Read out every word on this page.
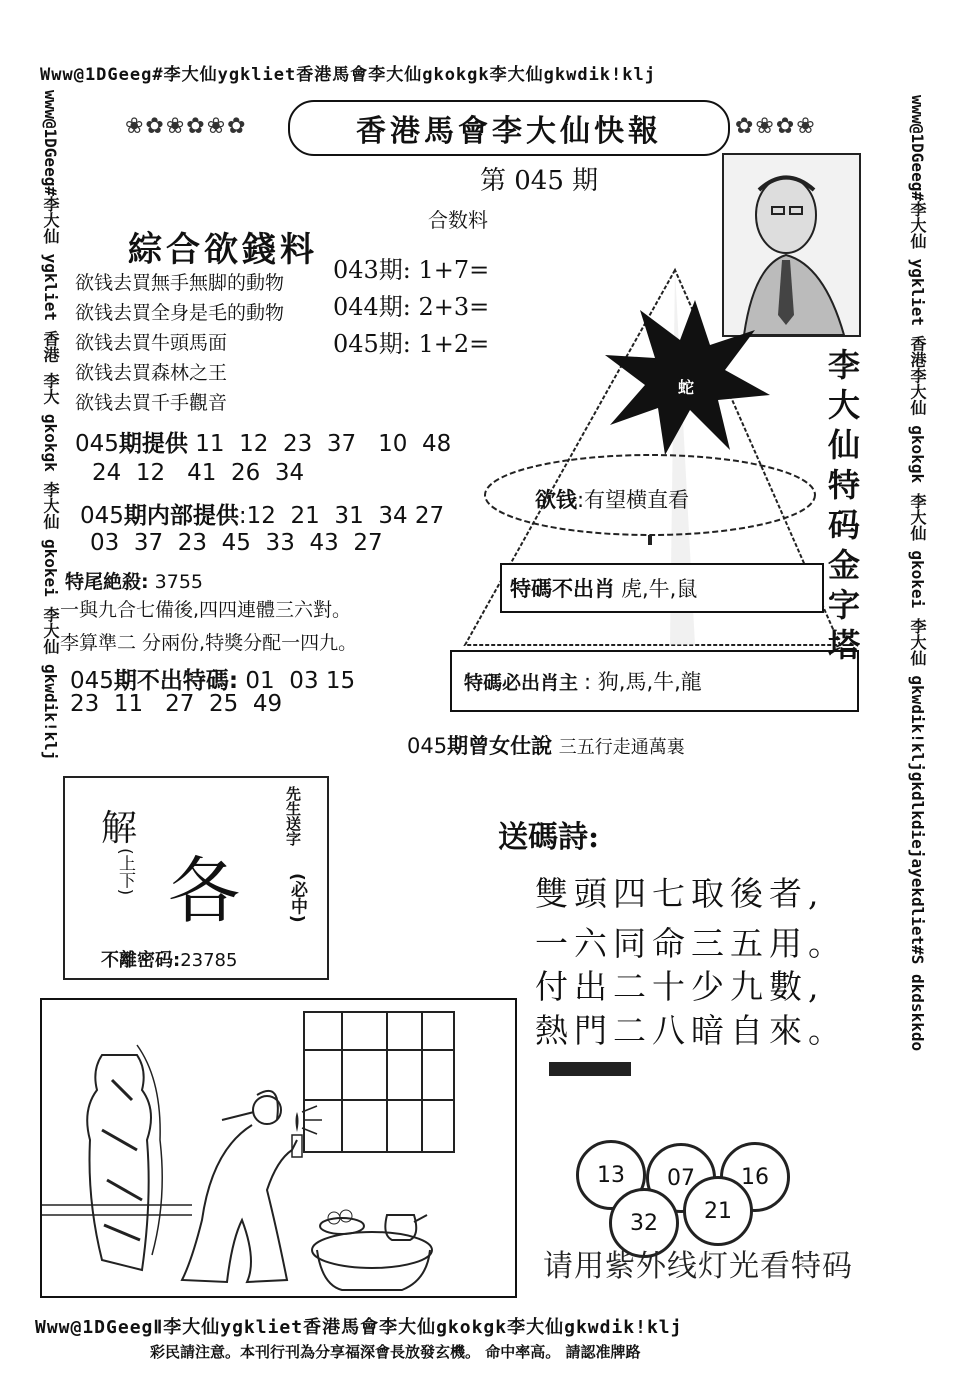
Www@1DGeeg#李大仙ygkliet香港馬會李大仙gkokgk李大仙gkwdik!klj
www@1DGeeg#李大仙 ygkliet 香港 李大 gkokgk 李大仙 gkokei 李大仙 gkwdik!klj	www@1DGeeg#李大仙 ygkliet 香港李大仙 gkokgk 李大仙 gkokei 李大仙 gkwdik!kljgkdlkdiejayekdliet#S dkdskkdo
❀✿❀✿❀✿	✿❀✿❀
香港馬會李大仙快報
第 045 期
合数料
043期: 1+7=
044期: 2+3=
045期: 1+2=
綜合欲錢料
欲钱去買無手無脚的動物
欲钱去買全身是毛的動物
欲钱去買牛頭馬面
欲钱去買森林之王
欲钱去買千手觀音
045期提供 11  12  23  37   10  48
24  12   41  26  34
045期内部提供:12  21  31  34 27
03  37  23  45  33  43  27
特尾絶殺: 3755
一與九合七備後,四四連體三六對。
李算準二 分兩份,特獎分配一四九。
045期不出特碼: 01  03 15
23  11   27  25  49
蛇
欲钱:有望横直看
特碼不出肖 虎,牛,鼠
特碼必出肖主 : 狗,馬,牛,龍
李大仙特码金字塔
045期曾女仕說 三五行走通萬裏
解
(上下) 各
先生送字
(必中)
不離密码:23785
送碼詩:
雙頭四七取後者,
一六同命三五用。
付出二十少九數,
熱門二八暗自來。
13	07	16
32	21
请用紫外线灯光看特码
Www@1DGeegⅡ李大仙ygkliet香港馬會李大仙gkokgk李大仙gkwdik!klj
彩民請注意。本刊行刊為分享福深會長放發玄機。 命中率高。 請認准牌路
